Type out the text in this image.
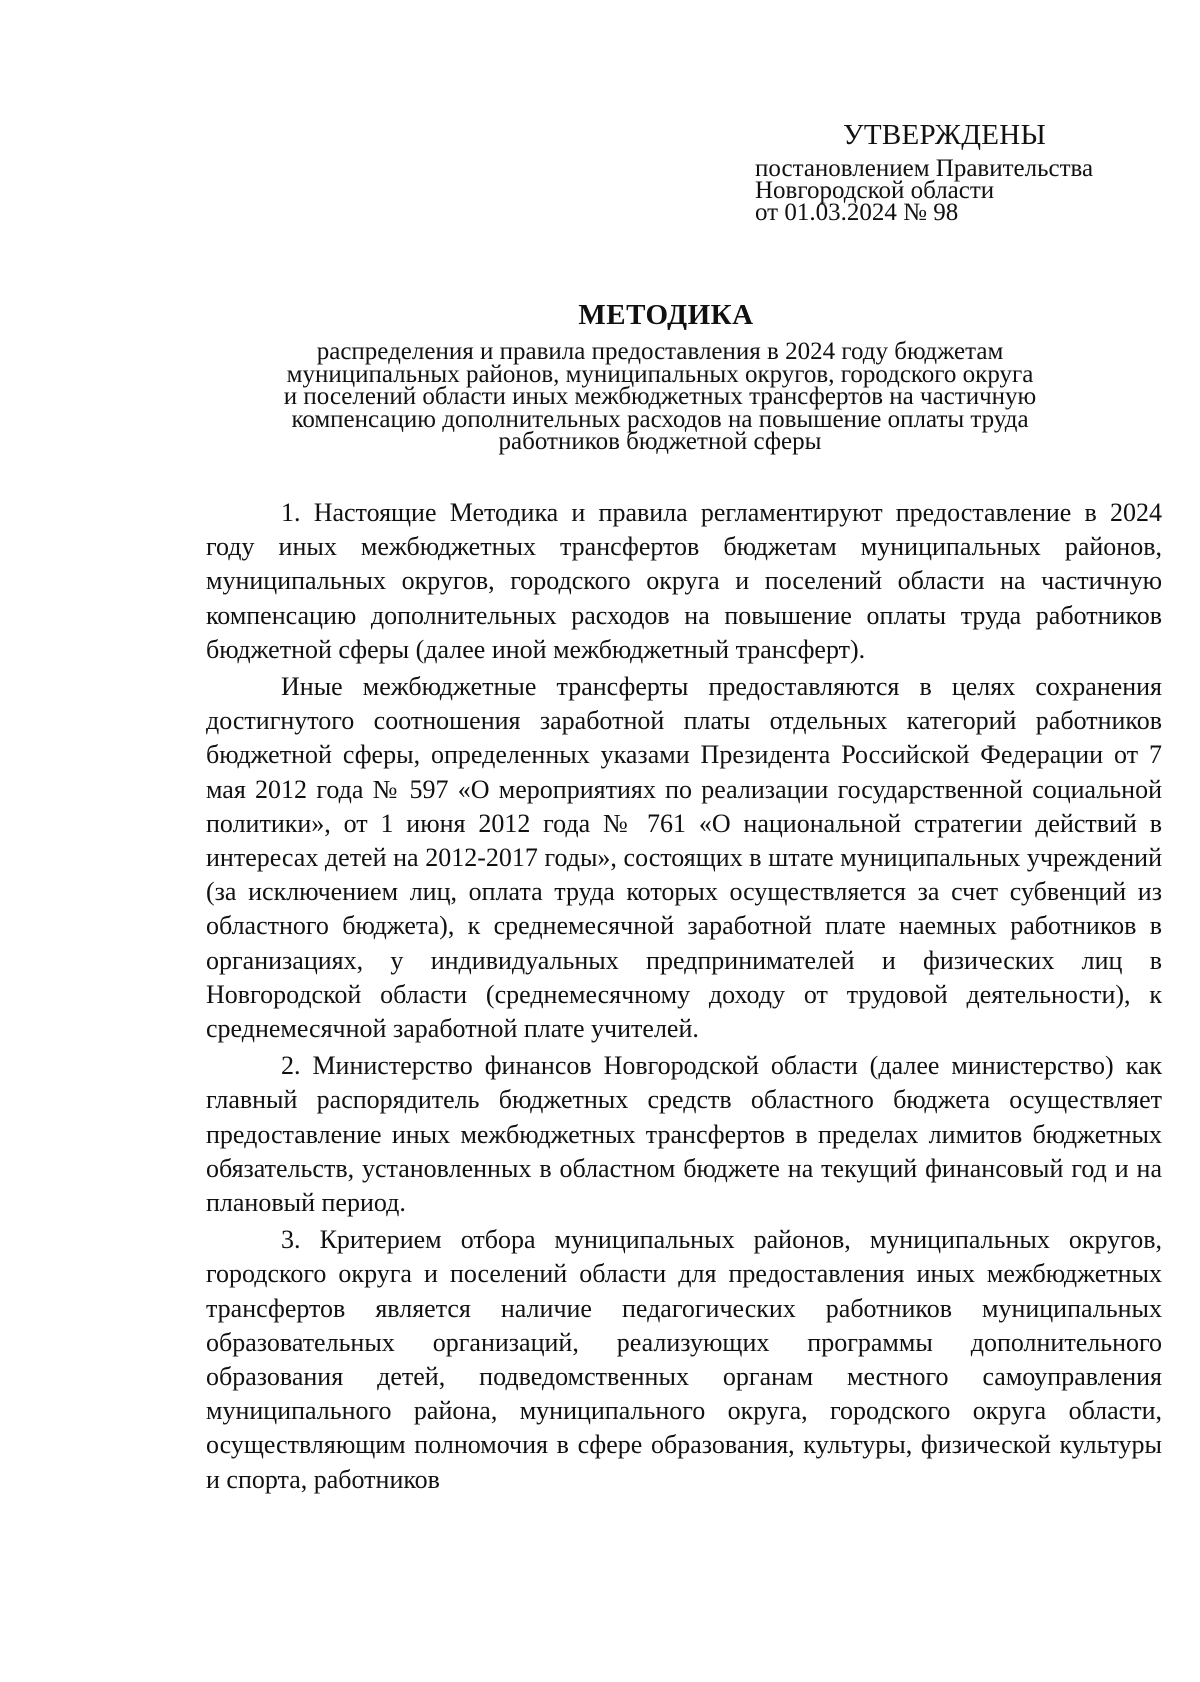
УТВЕРЖДЕНЫ
постановлением Правительства
Новгородской области
от 01.03.2024 № 98
МЕТОДИКА
распределения и правила предоставления в 2024 году бюджетам
муниципальных районов, муниципальных округов, городского округа
и поселений области иных межбюджетных трансфертов на частичную
компенсацию дополнительных расходов на повышение оплаты труда
работников бюджетной сферы

1. Настоящие Методика и правила регламентируют предоставление в 2024 году иных межбюджетных трансфертов бюджетам муниципальных районов, муниципальных округов, городского округа и поселений области на частичную компенсацию дополнительных расходов на повышение оплаты труда работников бюджетной сферы (далее иной межбюджетный трансферт).

Иные межбюджетные трансферты предоставляются в целях сохранения достигнутого соотношения заработной платы отдельных категорий работников бюджетной сферы, определенных указами Президента Российской Федерации от 7 мая 2012 года № 597 «О мероприятиях по реализации государственной социальной политики», от 1 июня 2012 года № 761 «О национальной стратегии действий в интересах детей на 2012-2017 годы», состоящих в штате муниципальных учреждений (за исключением лиц, оплата труда которых осуществляется за счет субвенций из областного бюджета), к среднемесячной заработной плате наемных работников в организациях, у индивидуальных предпринимателей и физических лиц в Новгородской области (среднемесячному доходу от трудовой деятельности), к среднемесячной заработной плате учителей.

2. Министерство финансов Новгородской области (далее министерство) как главный распорядитель бюджетных средств областного бюджета осуществляет предоставление иных межбюджетных трансфертов в пределах лимитов бюджетных обязательств, установленных в областном бюджете на текущий финансовый год и на плановый период.

3. Критерием отбора муниципальных районов, муниципальных округов, городского округа и поселений области для предоставления иных межбюджетных трансфертов является наличие педагогических работников муниципальных образовательных организаций, реализующих программы дополнительного образования детей, подведомственных органам местного самоуправления муниципального района, муниципального округа, городского округа области, осуществляющим полномочия в сфере образования, культуры, физической культуры и спорта, работников
